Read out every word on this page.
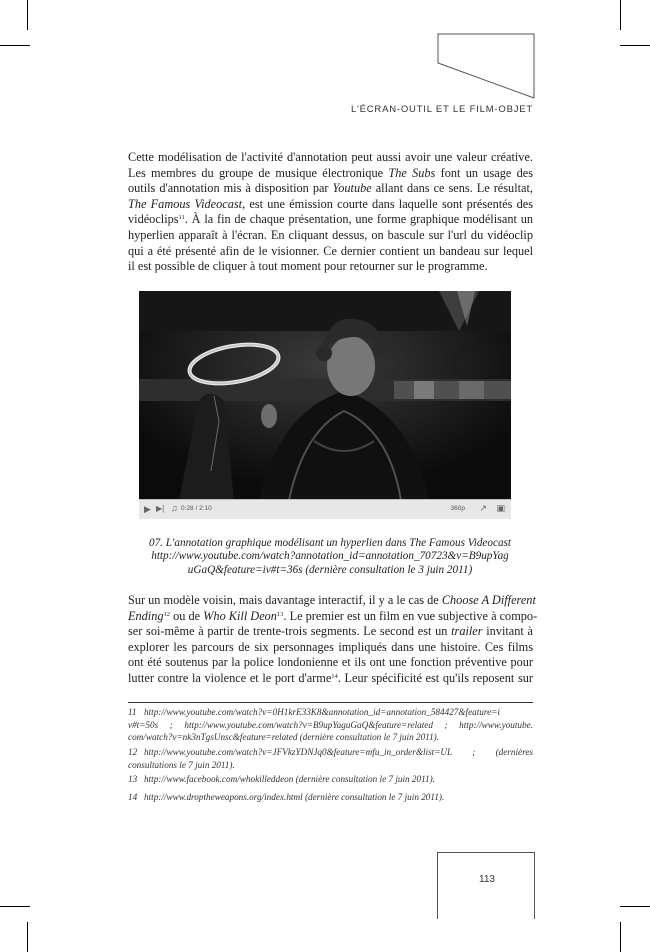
L'ÉCRAN-OUTIL ET LE FILM-OBJET

Cette modélisation de l'activité d'annotation peut aussi avoir une valeur créative.
Les membres du groupe de musique électronique The Subs font un usage des
outils d'annotation mis à disposition par Youtube allant dans ce sens. Le résultat,
The Famous Videocast, est une émission courte dans laquelle sont présentés des
vidéoclips$^{11}$. À la fin de chaque présentation, une forme graphique modélisant un
hyperlien apparaît à l'écran. En cliquant dessus, on bascule sur l'url du vidéoclip
qui a été présenté afin de le visionner. Ce dernier contient un bandeau sur lequel
il est possible de cliquer à tout moment pour retourner sur le programme.

▶ ▶| ♫ 0:28 / 2:10	360p ↗ ▣

07. L'annotation graphique modélisant un hyperlien dans The Famous Videocast
http://www.youtube.com/watch?annotation_id=annotation_70723&v=B9upYag
uGaQ&feature=iv#t=36s (dernière consultation le 3 juin 2011)

Sur un modèle voisin, mais davantage interactif, il y a le cas de Choose A Different
Ending$^{12}$ ou de Who Kill Deon$^{13}$. Le premier est un film en vue subjective à compo-
ser soi-même à partir de trente-trois segments. Le second est un trailer invitant à
explorer les parcours de six personnages impliqués dans une histoire. Ces films
ont été soutenus par la police londonienne et ils ont une fonction préventive pour
lutter contre la violence et le port d'arme$^{14}$. Leur spécificité est qu'ils reposent sur

11 http://www.youtube.com/watch?v=0H1krE33K8&annotation_id=annotation_584427&feature=i
v#t=50s ; http://www.youtube.com/watch?v=B9upYaguGaQ&feature=related ; http://www.youtube.
com/watch?v=nk3nTgsUnsc&feature=related (dernière consultation le 7 juin 2011).

12 http://www.youtube.com/watch?v=JFVkzYDNJq0&feature=mfu_in_order&list=UL ; (dernières
consultations le 7 juin 2011).

13 http://www.facebook.com/whokilleddeon (dernière consultation le 7 juin 2011).

14 http://www.droptheweapons.org/index.html (dernière consultation le 7 juin 2011).

113
